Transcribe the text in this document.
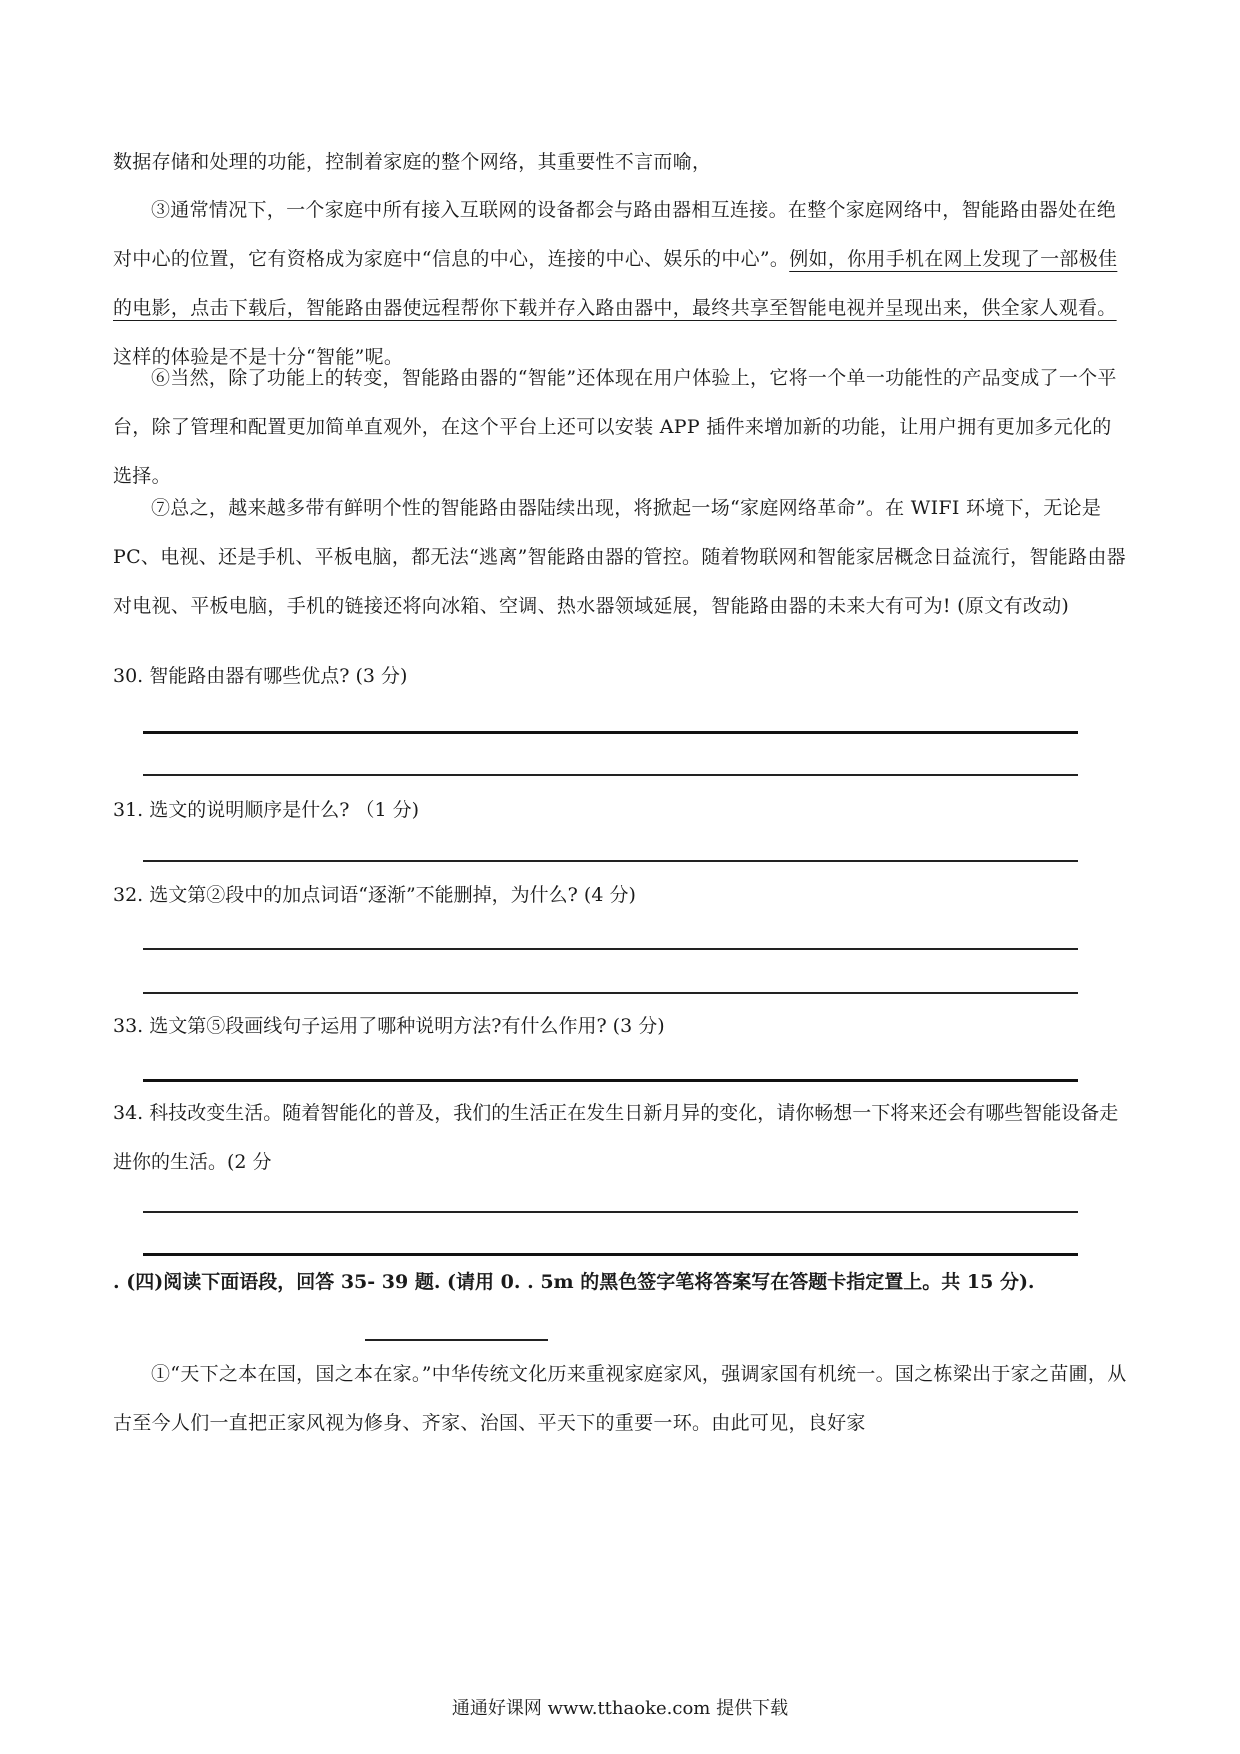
数据存储和处理的功能，控制着家庭的整个网络，其重要性不言而喻，

③通常情况下，一个家庭中所有接入互联网的设备都会与路由器相互连接。在整个家庭网络中，智能路由器处在绝对中心的位置，它有资格成为家庭中“信息的中心，连接的中心、娱乐的中心”。例如，你用手机在网上发现了一部极佳的电影，点击下载后，智能路由器使远程帮你下载并存入路由器中，最终共享至智能电视并呈现出来，供全家人观看。这样的体验是不是十分“智能”呢。

⑥当然，除了功能上的转变，智能路由器的“智能”还体现在用户体验上，它将一个单一功能性的产品变成了一个平台，除了管理和配置更加简单直观外，在这个平台上还可以安装 APP 插件来增加新的功能，让用户拥有更加多元化的选择。

⑦总之，越来越多带有鲜明个性的智能路由器陆续出现，将掀起一场“家庭网络革命”。在 WIFI 环境下，无论是 PC、电视、还是手机、平板电脑，都无法“逃离”智能路由器的管控。随着物联网和智能家居概念日益流行，智能路由器对电视、平板电脑，手机的链接还将向冰箱、空调、热水器领域延展，智能路由器的未来大有可为! (原文有改动)

30. 智能路由器有哪些优点? (3 分)

31. 选文的说明顺序是什么? （1 分)

32. 选文第②段中的加点词语“逐渐”不能删掉，为什么? (4 分)

33. 选文第⑤段画线句子运用了哪种说明方法?有什么作用? (3 分)

34. 科技改变生活。随着智能化的普及，我们的生活正在发生日新月异的变化，请你畅想一下将来还会有哪些智能设备走进你的生活。(2 分

. (四)阅读下面语段，回答 35- 39 题. (请用 0. . 5m 的黑色签字笔将答案写在答题卡指定置上。共 15 分).

①“天下之本在国，国之本在家。”中华传统文化历来重视家庭家风，强调家国有机统一。国之栋梁出于家之苗圃，从古至今人们一直把正家风视为修身、齐家、治国、平天下的重要一环。由此可见，良好家

通通好课网 www.tthaoke.com 提供下载
